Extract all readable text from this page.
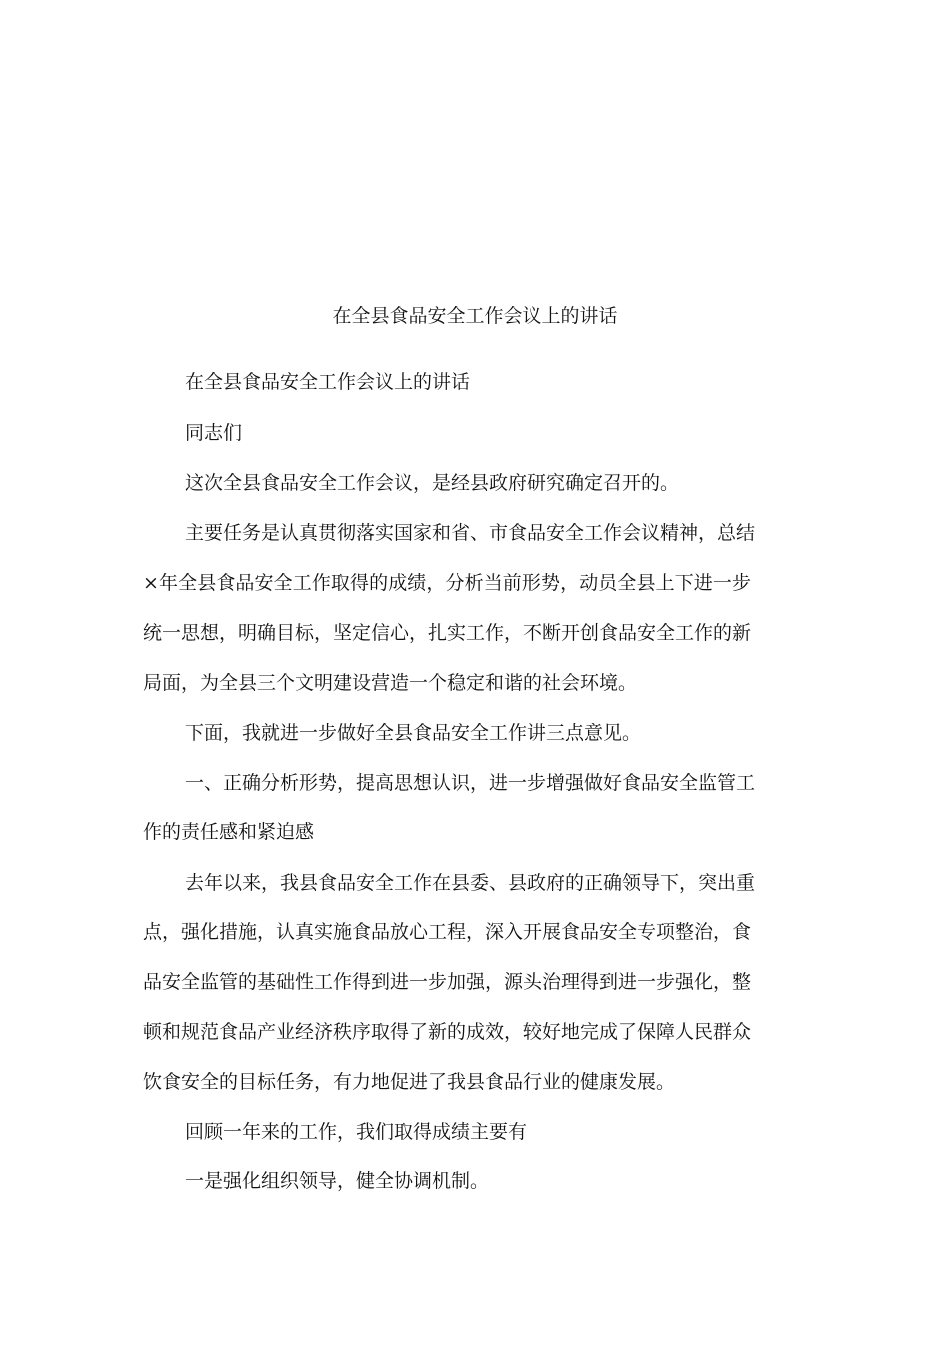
在全县食品安全工作会议上的讲话
在全县食品安全工作会议上的讲话
同志们
这次全县食品安全工作会议，是经县政府研究确定召开的。
主要任务是认真贯彻落实国家和省、市食品安全工作会议精神，总结
×年全县食品安全工作取得的成绩，分析当前形势，动员全县上下进一步
统一思想，明确目标，坚定信心，扎实工作，不断开创食品安全工作的新
局面，为全县三个文明建设营造一个稳定和谐的社会环境。
下面，我就进一步做好全县食品安全工作讲三点意见。
一、正确分析形势，提高思想认识，进一步增强做好食品安全监管工
作的责任感和紧迫感
去年以来，我县食品安全工作在县委、县政府的正确领导下，突出重
点，强化措施，认真实施食品放心工程，深入开展食品安全专项整治，食
品安全监管的基础性工作得到进一步加强，源头治理得到进一步强化，整
顿和规范食品产业经济秩序取得了新的成效，较好地完成了保障人民群众
饮食安全的目标任务，有力地促进了我县食品行业的健康发展。
回顾一年来的工作，我们取得成绩主要有
一是强化组织领导，健全协调机制。
